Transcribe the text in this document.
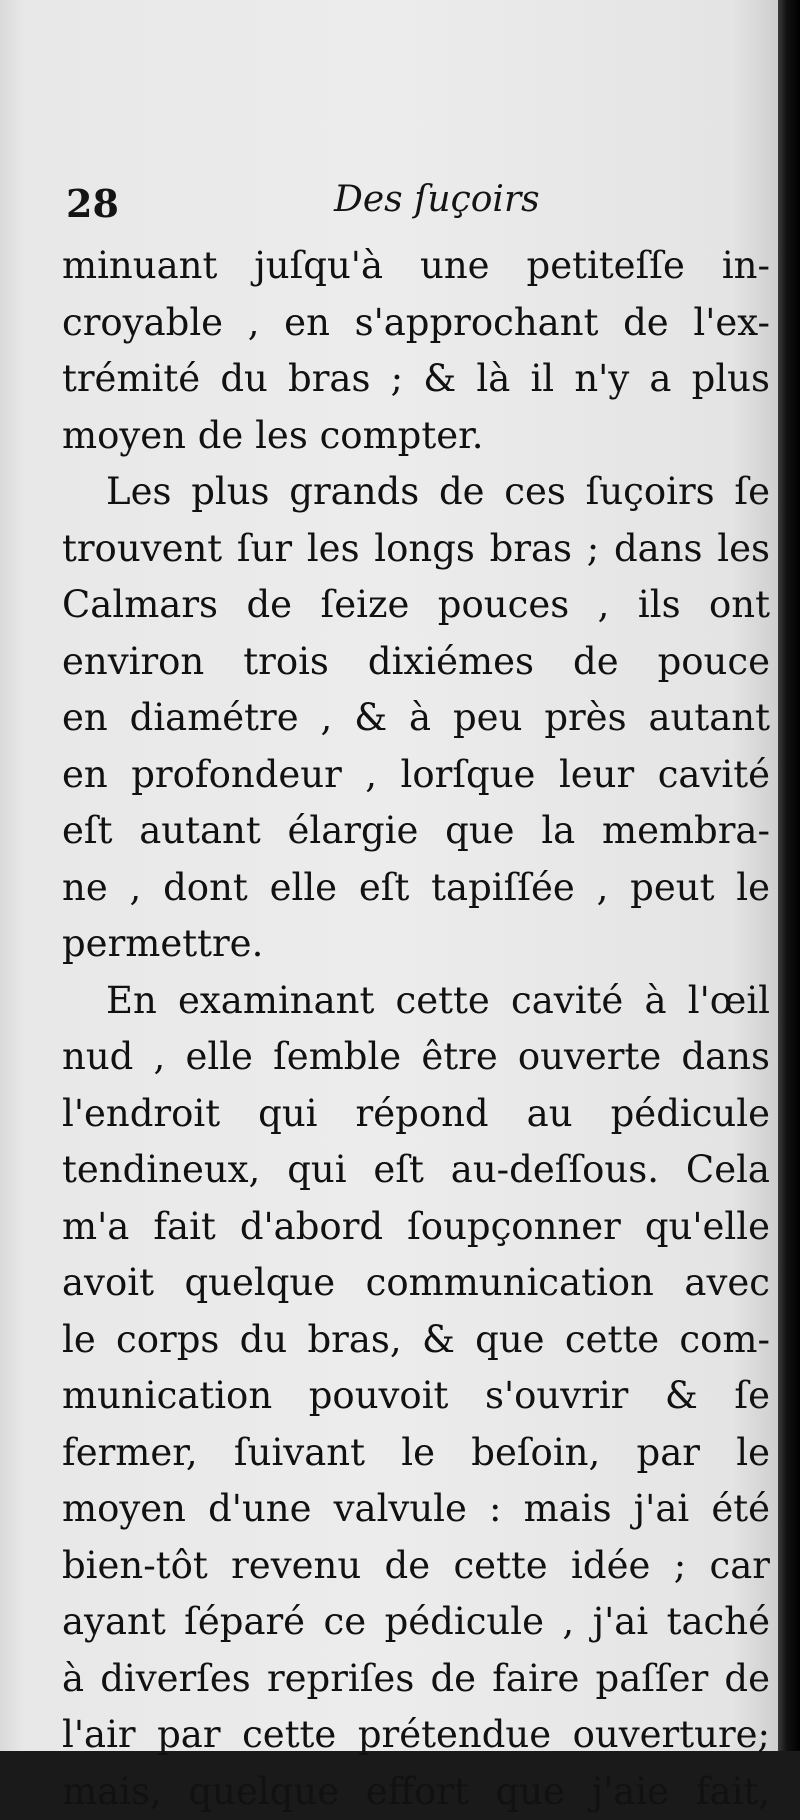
28	Des ſuçoirs
minuant juſqu'à une petiteſſe in-
croyable , en s'approchant de l'ex-
trémité du bras ; & là il n'y a plus
moyen de les compter.
Les plus grands de ces ſuçoirs ſe
trouvent ſur les longs bras ; dans les
Calmars de ſeize pouces , ils ont
environ trois dixiémes de pouce
en diamétre , & à peu près autant
en profondeur , lorſque leur cavité
eſt autant élargie que la membra-
ne , dont elle eſt tapiſſée , peut le
permettre.
En examinant cette cavité à l'œil
nud , elle ſemble être ouverte dans
l'endroit qui répond au pédicule
tendineux, qui eſt au-deſſous. Cela
m'a fait d'abord ſoupçonner qu'elle
avoit quelque communication avec
le corps du bras, & que cette com-
munication pouvoit s'ouvrir & ſe
fermer, ſuivant le beſoin, par le
moyen d'une valvule : mais j'ai été
bien-tôt revenu de cette idée ; car
ayant ſéparé ce pédicule , j'ai taché
à diverſes repriſes de faire paſſer de
l'air par cette prétendue ouverture;
mais, quelque effort que j'aie fait,
